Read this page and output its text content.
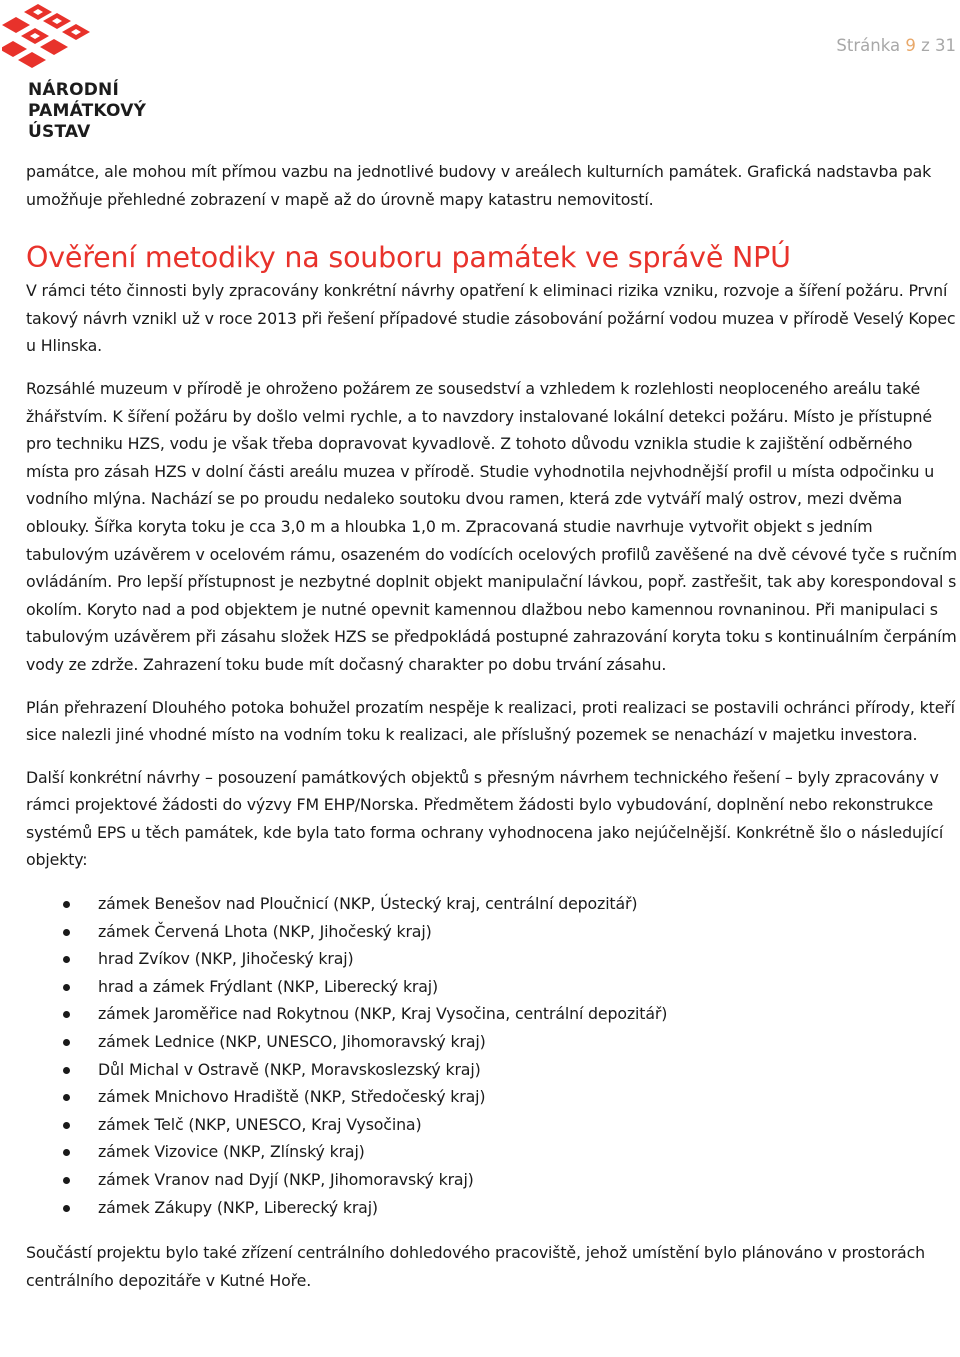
NÁRODNÍ
PAMÁTKOVÝ
ÚSTAV
Stránka 9 z 31

památce, ale mohou mít přímou vazbu na jednotlivé budovy v areálech kulturních památek. Grafická nadstavba pak umožňuje přehledné zobrazení v mapě až do úrovně mapy katastru nemovitostí.

Ověření metodiky na souboru památek ve správě NPÚ

V rámci této činnosti byly zpracovány konkrétní návrhy opatření k eliminaci rizika vzniku, rozvoje a šíření požáru. První takový návrh vznikl už v roce 2013 při řešení případové studie zásobování požární vodou muzea v přírodě Veselý Kopec u Hlinska.

Rozsáhlé muzeum v přírodě je ohroženo požárem ze sousedství a vzhledem k rozlehlosti neoploceného areálu také žhářstvím. K šíření požáru by došlo velmi rychle, a to navzdory instalované lokální detekci požáru. Místo je přístupné pro techniku HZS, vodu je však třeba dopravovat kyvadlově. Z tohoto důvodu vznikla studie k zajištění odběrného místa pro zásah HZS v dolní části areálu muzea v přírodě. Studie vyhodnotila nejvhodnější profil u místa odpočinku u vodního mlýna. Nachází se po proudu nedaleko soutoku dvou ramen, která zde vytváří malý ostrov, mezi dvěma oblouky. Šířka koryta toku je cca 3,0 m a hloubka 1,0 m. Zpracovaná studie navrhuje vytvořit objekt s jedním tabulovým uzávěrem v ocelovém rámu, osazeném do vodících ocelových profilů zavěšené na dvě cévové tyče s ručním ovládáním. Pro lepší přístupnost je nezbytné doplnit objekt manipulační lávkou, popř. zastřešit, tak aby korespondoval s okolím. Koryto nad a pod objektem je nutné opevnit kamennou dlažbou nebo kamennou rovnaninou. Při manipulaci s tabulovým uzávěrem při zásahu složek HZS se předpokládá postupné zahrazování koryta toku s kontinuálním čerpáním vody ze zdrže. Zahrazení toku bude mít dočasný charakter po dobu trvání zásahu.

Plán přehrazení Dlouhého potoka bohužel prozatím nespěje k realizaci, proti realizaci se postavili ochránci přírody, kteří sice nalezli jiné vhodné místo na vodním toku k realizaci, ale příslušný pozemek se nenachází v majetku investora.

Další konkrétní návrhy – posouzení památkových objektů s přesným návrhem technického řešení – byly zpracovány v rámci projektové žádosti do výzvy FM EHP/Norska. Předmětem žádosti bylo vybudování, doplnění nebo rekonstrukce systémů EPS u těch památek, kde byla tato forma ochrany vyhodnocena jako nejúčelnější. Konkrétně šlo o následující objekty:

zámek Benešov nad Ploučnicí (NKP, Ústecký kraj, centrální depozitář)
zámek Červená Lhota (NKP, Jihočeský kraj)
hrad Zvíkov (NKP, Jihočeský kraj)
hrad a zámek Frýdlant (NKP, Liberecký kraj)
zámek Jaroměřice nad Rokytnou (NKP, Kraj Vysočina, centrální depozitář)
zámek Lednice (NKP, UNESCO, Jihomoravský kraj)
Důl Michal v Ostravě (NKP, Moravskoslezský kraj)
zámek Mnichovo Hradiště (NKP, Středočeský kraj)
zámek Telč (NKP, UNESCO, Kraj Vysočina)
zámek Vizovice (NKP, Zlínský kraj)
zámek Vranov nad Dyjí (NKP, Jihomoravský kraj)
zámek Zákupy (NKP, Liberecký kraj)

Součástí projektu bylo také zřízení centrálního dohledového pracoviště, jehož umístění bylo plánováno v prostorách centrálního depozitáře v Kutné Hoře.
